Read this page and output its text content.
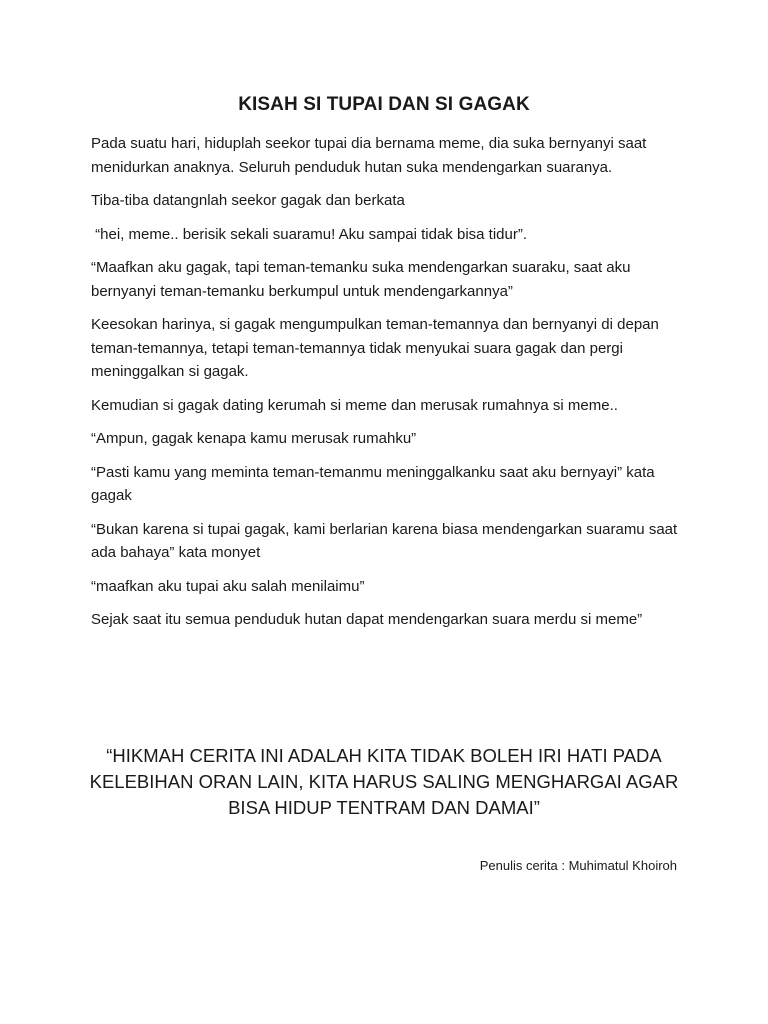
KISAH SI TUPAI DAN SI GAGAK

Pada suatu hari, hiduplah seekor tupai dia bernama meme, dia suka bernyanyi saat menidurkan anaknya. Seluruh penduduk hutan suka mendengarkan suaranya.

Tiba-tiba datangnlah seekor gagak dan berkata

“hei, meme.. berisik sekali suaramu! Aku sampai tidak bisa tidur”.

“Maafkan aku gagak, tapi teman-temanku suka mendengarkan suaraku, saat aku bernyanyi teman-temanku berkumpul untuk mendengarkannya”

Keesokan harinya, si gagak mengumpulkan teman-temannya dan bernyanyi di depan teman-temannya, tetapi teman-temannya tidak menyukai suara gagak dan pergi meninggalkan si gagak.

Kemudian si gagak dating kerumah si meme dan merusak rumahnya si meme..

“Ampun, gagak kenapa kamu merusak rumahku”

“Pasti kamu yang meminta teman-temanmu meninggalkanku saat aku bernyayi” kata gagak

“Bukan karena si tupai gagak, kami berlarian karena biasa mendengarkan suaramu saat ada bahaya” kata monyet

“maafkan aku tupai aku salah menilaimu”

Sejak saat itu semua penduduk hutan dapat mendengarkan suara merdu si meme”

“HIKMAH CERITA INI ADALAH KITA TIDAK BOLEH IRI HATI PADA KELEBIHAN ORAN LAIN, KITA HARUS SALING MENGHARGAI AGAR BISA HIDUP TENTRAM DAN DAMAI”

Penulis cerita : Muhimatul Khoiroh
